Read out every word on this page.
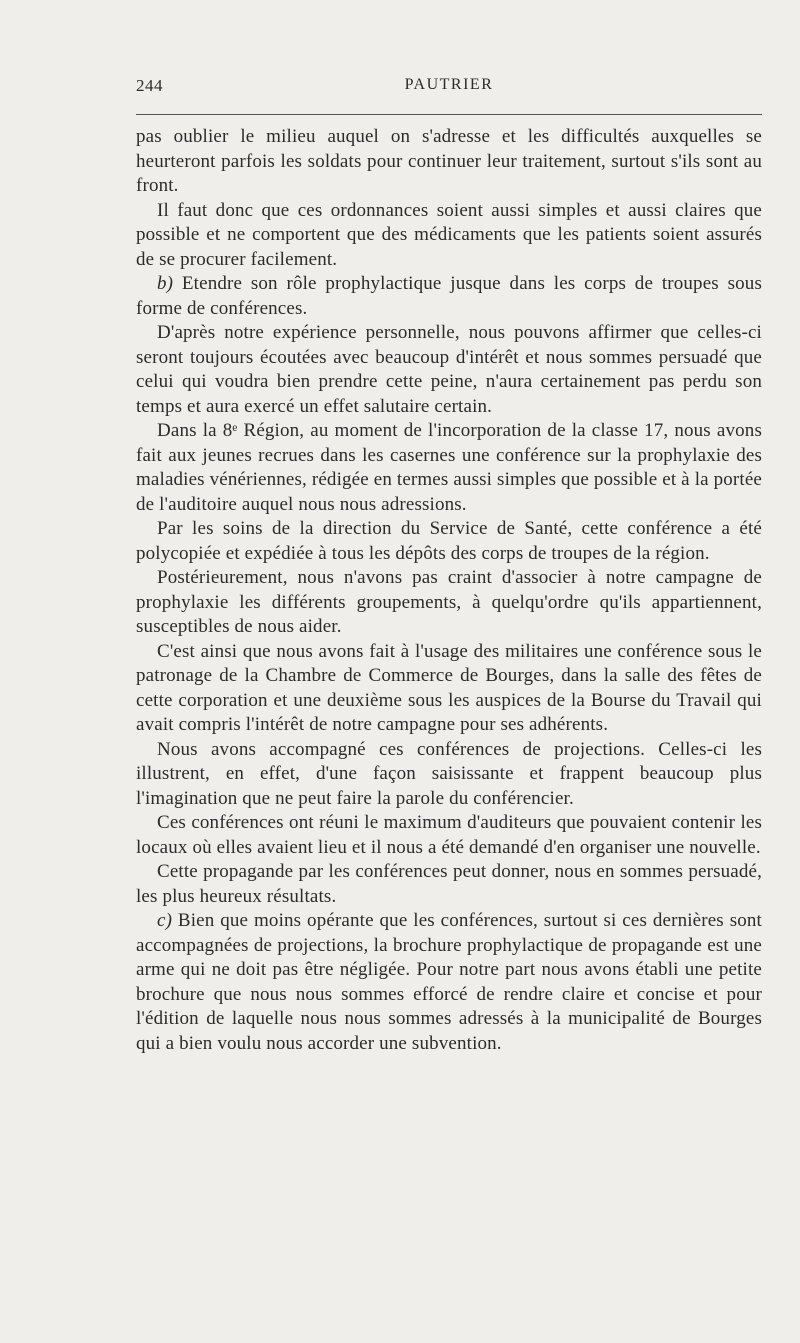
244	PAUTRIER

pas oublier le milieu auquel on s'adresse et les difficultés auxquelles se heurteront parfois les soldats pour continuer leur traitement, surtout s'ils sont au front.

Il faut donc que ces ordonnances soient aussi simples et aussi claires que possible et ne comportent que des médicaments que les patients soient assurés de se procurer facilement.

b) Etendre son rôle prophylactique jusque dans les corps de troupes sous forme de conférences.

D'après notre expérience personnelle, nous pouvons affirmer que celles-ci seront toujours écoutées avec beaucoup d'intérêt et nous sommes persuadé que celui qui voudra bien prendre cette peine, n'aura certainement pas perdu son temps et aura exercé un effet salutaire certain.

Dans la 8ᵉ Région, au moment de l'incorporation de la classe 17, nous avons fait aux jeunes recrues dans les casernes une conférence sur la prophylaxie des maladies vénériennes, rédigée en termes aussi simples que possible et à la portée de l'auditoire auquel nous nous adressions.

Par les soins de la direction du Service de Santé, cette conférence a été polycopiée et expédiée à tous les dépôts des corps de troupes de la région.

Postérieurement, nous n'avons pas craint d'associer à notre campagne de prophylaxie les différents groupements, à quelqu'ordre qu'ils appartiennent, susceptibles de nous aider.

C'est ainsi que nous avons fait à l'usage des militaires une conférence sous le patronage de la Chambre de Commerce de Bourges, dans la salle des fêtes de cette corporation et une deuxième sous les auspices de la Bourse du Travail qui avait compris l'intérêt de notre campagne pour ses adhérents.

Nous avons accompagné ces conférences de projections. Celles-ci les illustrent, en effet, d'une façon saisissante et frappent beaucoup plus l'imagination que ne peut faire la parole du conférencier.

Ces conférences ont réuni le maximum d'auditeurs que pouvaient contenir les locaux où elles avaient lieu et il nous a été demandé d'en organiser une nouvelle.

Cette propagande par les conférences peut donner, nous en sommes persuadé, les plus heureux résultats.

c) Bien que moins opérante que les conférences, surtout si ces dernières sont accompagnées de projections, la brochure prophylactique de propagande est une arme qui ne doit pas être négligée. Pour notre part nous avons établi une petite brochure que nous nous sommes efforcé de rendre claire et concise et pour l'édition de laquelle nous nous sommes adressés à la municipalité de Bourges qui a bien voulu nous accorder une subvention.
